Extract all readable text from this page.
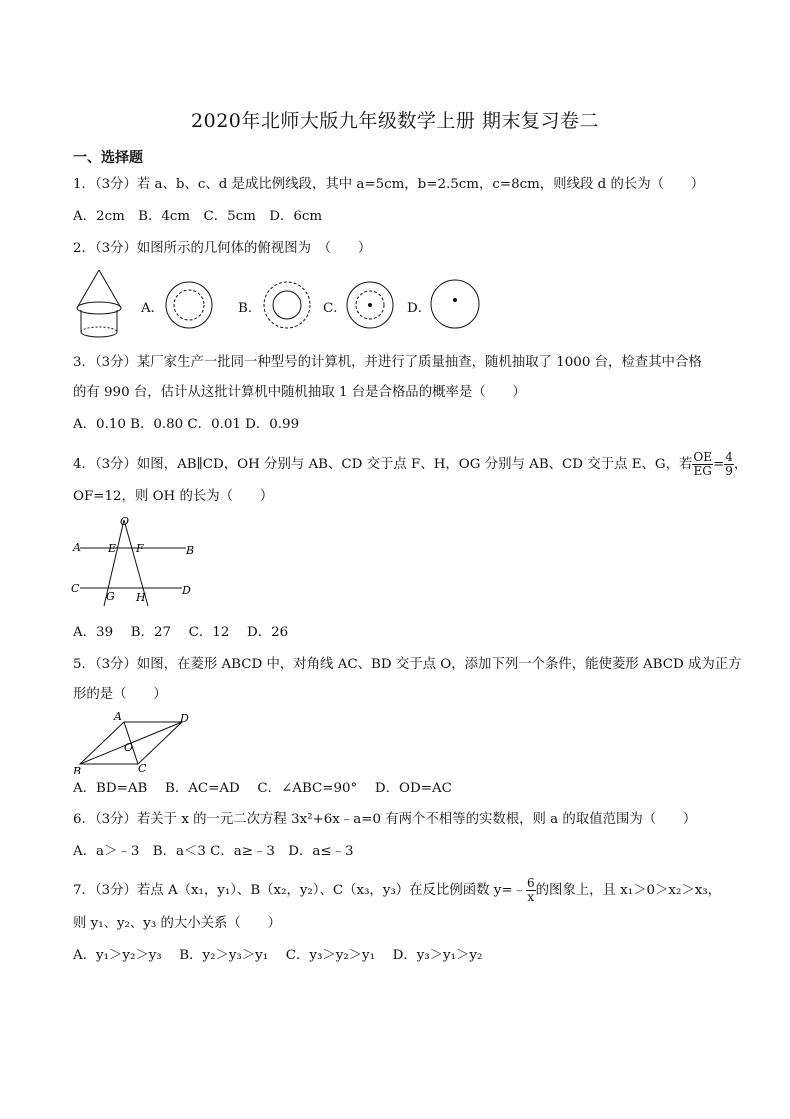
2020年北师大版九年级数学上册 期末复习卷二
一、选择题
1．（3分）若 a、b、c、d 是成比例线段，其中 a=5cm，b=2.5cm，c=8cm，则线段 d 的长为（　　）
A．2cm　B．4cm　C．5cm　D．6cm
2．（3分）如图所示的几何体的俯视图为　（　　）
A．	B．	C．	D．
3．（3分）某厂家生产一批同一种型号的计算机，并进行了质量抽查，随机抽取了 1000 台，检查其中合格
的有 990 台，估计从这批计算机中随机抽取 1 台是合格品的概率是（　　）
A．0.10 B．0.80 C．0.01 D．0.99
4．（3分）如图，AB∥CD，OH 分别与 AB、CD 交于点 F、H，OG 分别与 AB、CD 交于点 E、G，若 $\frac{OE}{EG} = \frac{4}{9}$ ，
OF=12，则 OH 的长为（　　）
O
A E F	B
C
G H
D
A．39　 B．27　 C．12　 D．26
5．（3分）如图，在菱形 ABCD 中，对角线 AC、BD 交于点 O，添加下列一个条件，能使菱形 ABCD 成为正方
形的是（　　）
A
B	C
D
O
A．BD=AB　 B．AC=AD　 C．∠ABC=90°　 D．OD=AC
6．（3分）若关于 x 的一元二次方程 3x²+6x﹣a=0 有两个不相等的实数根，则 a 的取值范围为（　　）
A．a＞﹣3　B．a＜3 C．a≥﹣3　D．a≤﹣3
7．（3分）若点 A（x₁，y₁）、B（x₂，y₂）、C（x₃，y₃）在反比例函数 y=﹣ $\frac{6}{x}$ 的图象上，且 x₁＞0＞x₂＞x₃，
则 y₁、y₂、y₃ 的大小关系（　　）
A．y₁＞y₂＞y₃　 B．y₂＞y₃＞y₁　 C．y₃＞y₂＞y₁　 D．y₃＞y₁＞y₂
